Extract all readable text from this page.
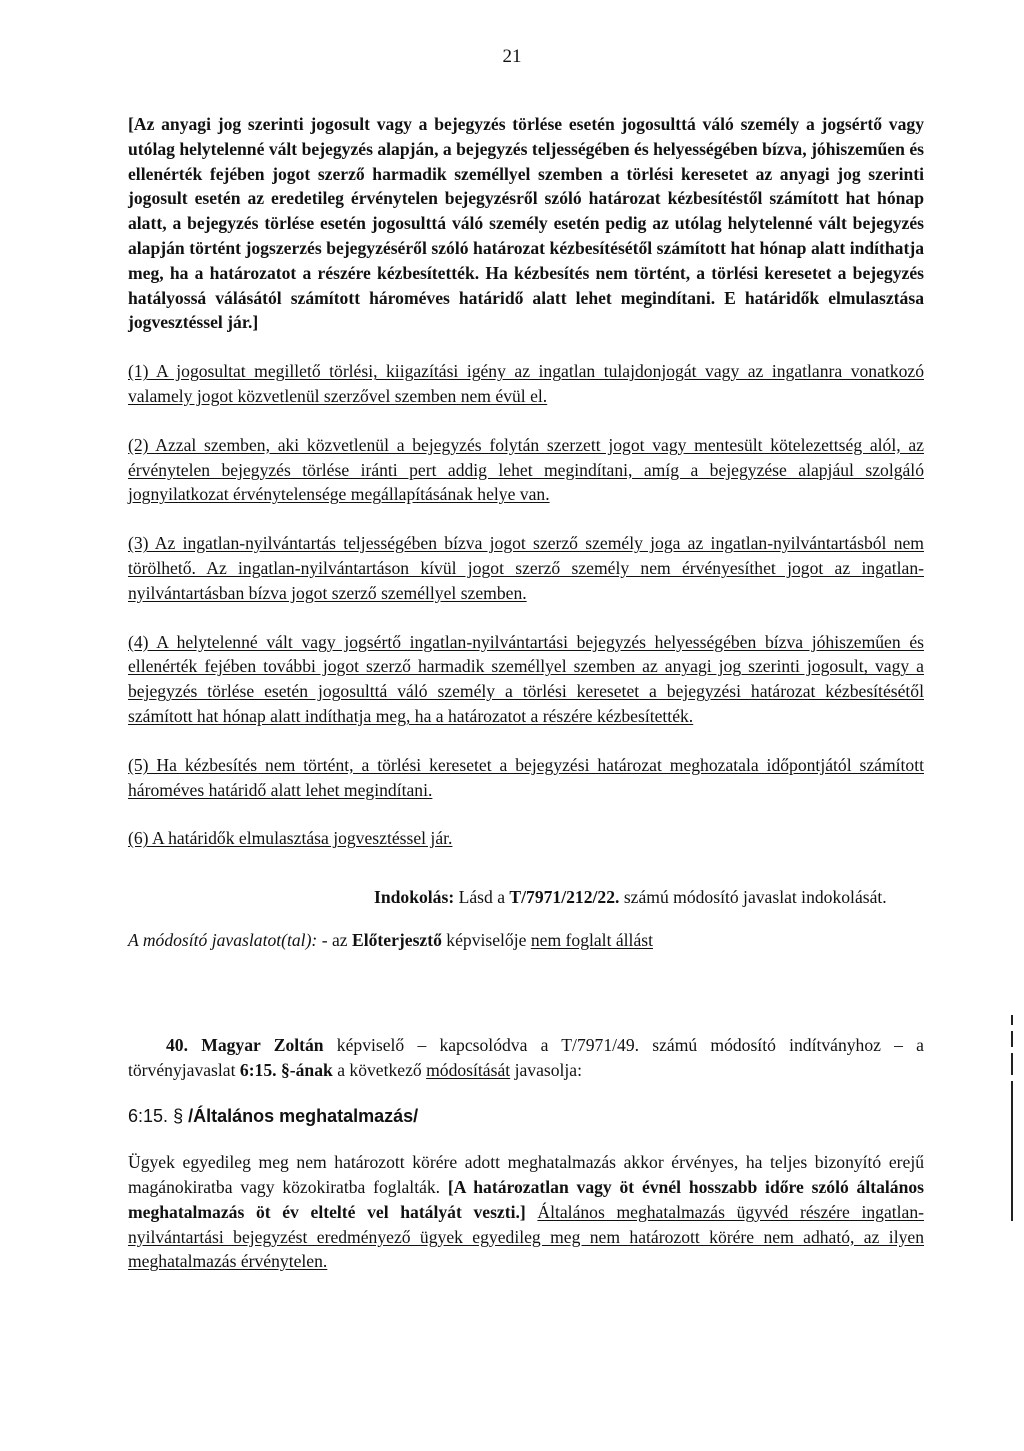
21

[Az anyagi jog szerinti jogosult vagy a bejegyzés törlése esetén jogosulttá váló személy a jogsértő vagy utólag helytelenné vált bejegyzés alapján, a bejegyzés teljességében és helyességében bízva, jóhiszeműen és ellenérték fejében jogot szerző harmadik személlyel szemben a törlési keresetet az anyagi jog szerinti jogosult esetén az eredetileg érvénytelen bejegyzésről szóló határozat kézbesítéstől számított hat hónap alatt, a bejegyzés törlése esetén jogosulttá váló személy esetén pedig az utólag helytelenné vált bejegyzés alapján történt jogszerzés bejegyzéséről szóló határozat kézbesítésétől számított hat hónap alatt indíthatja meg, ha a határozatot a részére kézbesítették. Ha kézbesítés nem történt, a törlési keresetet a bejegyzés hatályossá válásától számított hároméves határidő alatt lehet megindítani. E határidők elmulasztása jogvesztéssel jár.]

(1) A jogosultat megillető törlési, kiigazítási igény az ingatlan tulajdonjogát vagy az ingatlanra vonatkozó valamely jogot közvetlenül szerzővel szemben nem évül el.

(2) Azzal szemben, aki közvetlenül a bejegyzés folytán szerzett jogot vagy mentesült kötelezettség alól, az érvénytelen bejegyzés törlése iránti pert addig lehet megindítani, amíg a bejegyzése alapjául szolgáló jognyilatkozat érvénytelensége megállapításának helye van.

(3) Az ingatlan-nyilvántartás teljességében bízva jogot szerző személy joga az ingatlan-nyilvántartásból nem törölhető. Az ingatlan-nyilvántartáson kívül jogot szerző személy nem érvényesíthet jogot az ingatlan-nyilvántartásban bízva jogot szerző személlyel szemben.

(4) A helytelenné vált vagy jogsértő ingatlan-nyilvántartási bejegyzés helyességében bízva jóhiszeműen és ellenérték fejében további jogot szerző harmadik személlyel szemben az anyagi jog szerinti jogosult, vagy a bejegyzés törlése esetén jogosulttá váló személy a törlési keresetet a bejegyzési határozat kézbesítésétől számított hat hónap alatt indíthatja meg, ha a határozatot a részére kézbesítették.

(5) Ha kézbesítés nem történt, a törlési keresetet a bejegyzési határozat meghozatala időpontjától számított hároméves határidő alatt lehet megindítani.

(6) A határidők elmulasztása jogvesztéssel jár.

Indokolás: Lásd a T/7971/212/22. számú módosító javaslat indokolását.

A módosító javaslatot(tal): - az Előterjesztő képviselője nem foglalt állást

40. Magyar Zoltán képviselő – kapcsolódva a T/7971/49. számú módosító indítványhoz – a törvényjavaslat 6:15. §-ának a következő módosítását javasolja:

6:15. § /Általános meghatalmazás/

Ügyek egyedileg meg nem határozott körére adott meghatalmazás akkor érvényes, ha teljes bizonyító erejű magánokiratba vagy közokiratba foglalták. [A határozatlan vagy öt évnél hosszabb időre szóló általános meghatalmazás öt év eltelté vel hatályát veszti.] Általános meghatalmazás ügyvéd részére ingatlan-nyilvántartási bejegyzést eredményező ügyek egyedileg meg nem határozott körére nem adható, az ilyen meghatalmazás érvénytelen.
